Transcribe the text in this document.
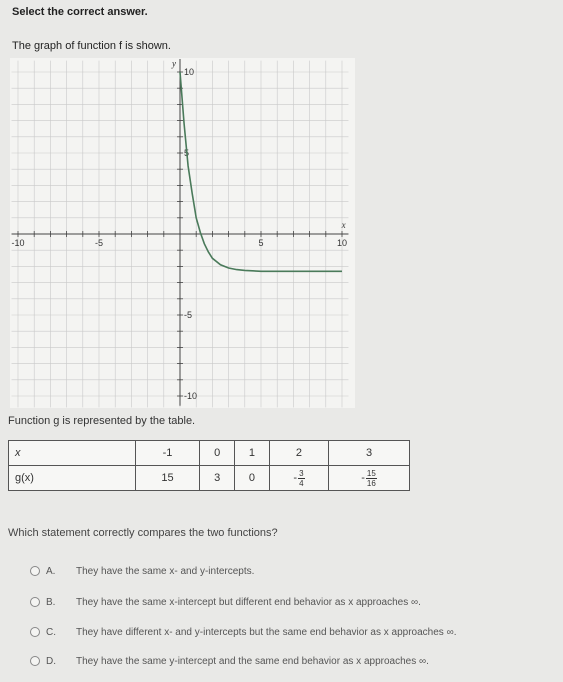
Select the correct answer.
The graph of function f is shown.
-10	-5	5	10
10
5
-5
-10
x
y
Function g is represented by the table.
x	-1	0	1	2	3
g(x)	15	3	0	- $\frac{3}{4}$	- $\frac{15}{16}$
Which statement correctly compares the two functions?
A. They have the same x- and y-intercepts.
B. They have the same x-intercept but different end behavior as x approaches ∞.
C. They have different x- and y-intercepts but the same end behavior as x approaches ∞.
D. They have the same y-intercept and the same end behavior as x approaches ∞.
